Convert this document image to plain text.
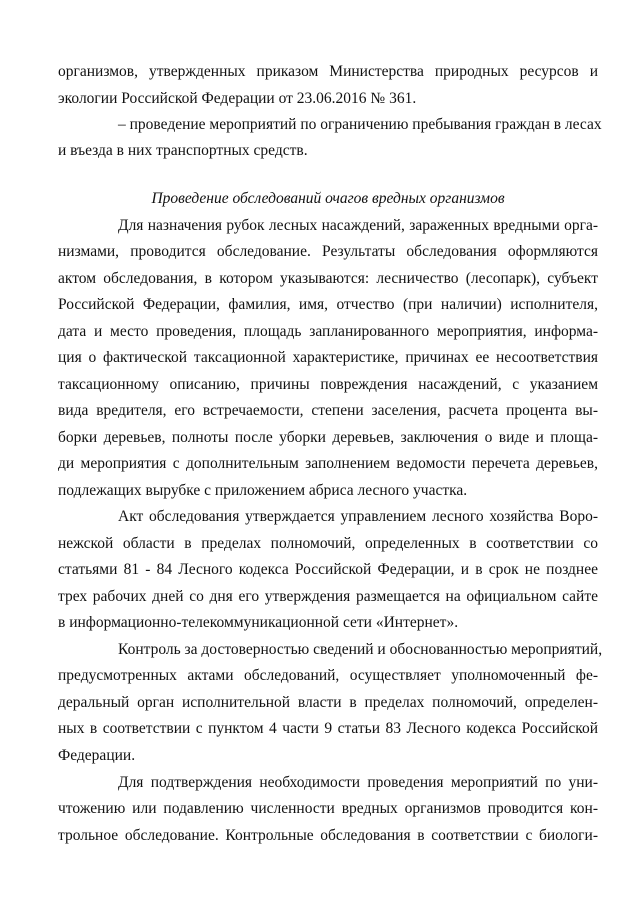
организмов, утвержденных приказом Министерства природных ресурсов и
экологии Российской Федерации от 23.06.2016 № 361.
– проведение мероприятий по ограничению пребывания граждан в лесах
и въезда в них транспортных средств.
Проведение обследований очагов вредных организмов
Для назначения рубок лесных насаждений, зараженных вредными орга-
низмами, проводится обследование. Результаты обследования оформляются
актом обследования, в котором указываются: лесничество (лесопарк), субъект
Российской Федерации, фамилия, имя, отчество (при наличии) исполнителя,
дата и место проведения, площадь запланированного мероприятия, информа-
ция о фактической таксационной характеристике, причинах ее несоответствия
таксационному описанию, причины повреждения насаждений, с указанием
вида вредителя, его встречаемости, степени заселения, расчета процента вы-
борки деревьев, полноты после уборки деревьев, заключения о виде и площа-
ди мероприятия с дополнительным заполнением ведомости перечета деревьев,
подлежащих вырубке с приложением абриса лесного участка.
Акт обследования утверждается управлением лесного хозяйства Воро-
нежской области в пределах полномочий, определенных в соответствии со
статьями 81 - 84 Лесного кодекса Российской Федерации, и в срок не позднее
трех рабочих дней со дня его утверждения размещается на официальном сайте
в информационно-телекоммуникационной сети «Интернет».
Контроль за достоверностью сведений и обоснованностью мероприятий,
предусмотренных актами обследований, осуществляет уполномоченный фе-
деральный орган исполнительной власти в пределах полномочий, определен-
ных в соответствии с пунктом 4 части 9 статьи 83 Лесного кодекса Российской
Федерации.
Для подтверждения необходимости проведения мероприятий по уни-
чтожению или подавлению численности вредных организмов проводится кон-
трольное обследование. Контрольные обследования в соответствии с биологи-
